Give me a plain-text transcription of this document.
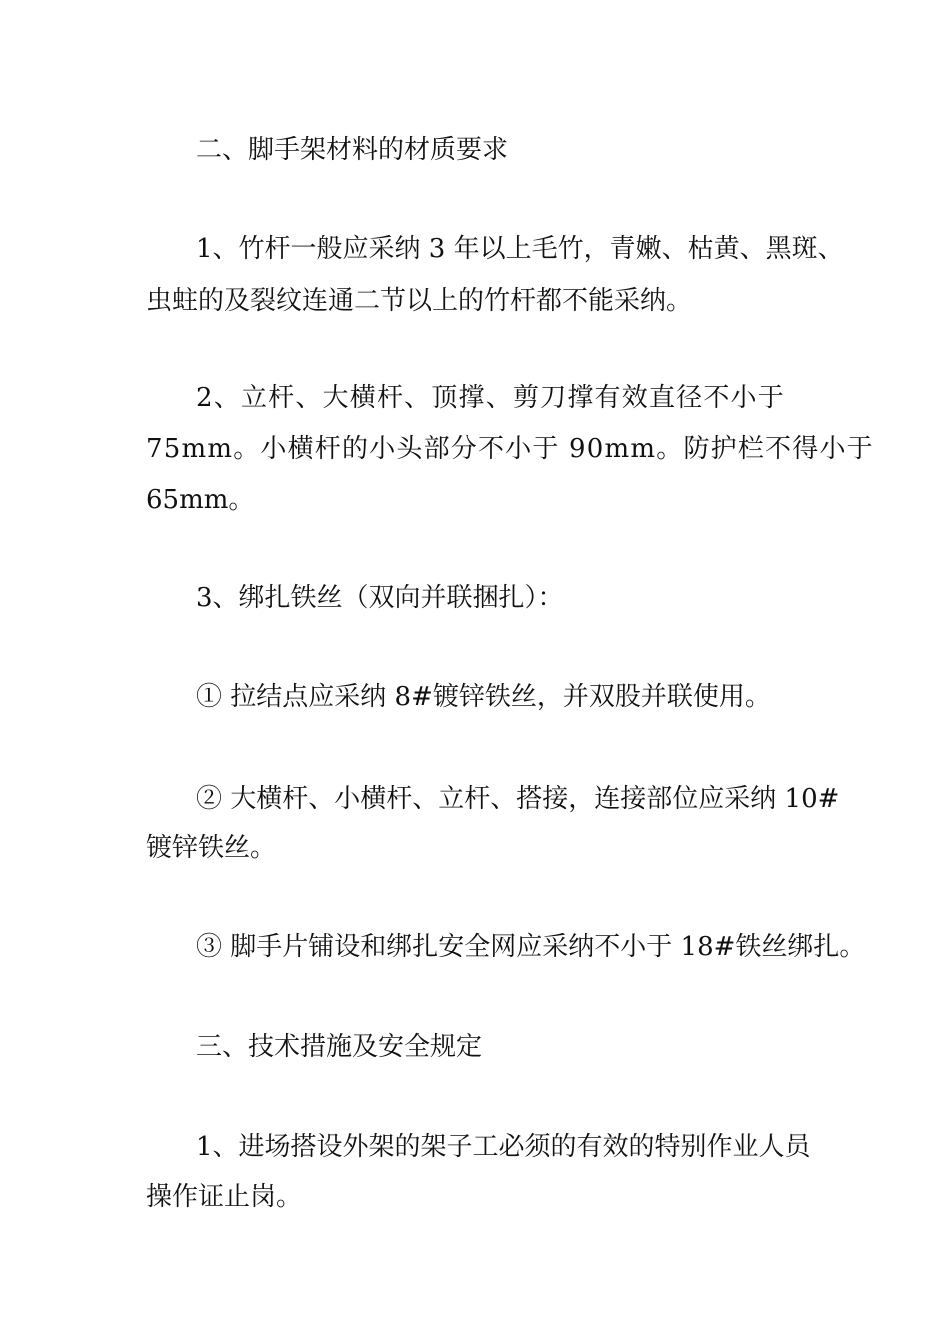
二、脚手架材料的材质要求

1、竹杆一般应采纳 3 年以上毛竹，青嫩、枯黄、黑斑、

虫蛀的及裂纹连通二节以上的竹杆都不能采纳。

2、立杆、大横杆、顶撑、剪刀撑有效直径不小于

75mm。小横杆的小头部分不小于 90mm。防护栏不得小于

65mm。

3、绑扎铁丝（双向并联捆扎）：

① 拉结点应采纳 8#镀锌铁丝，并双股并联使用。

② 大横杆、小横杆、立杆、搭接，连接部位应采纳 10#

镀锌铁丝。

③ 脚手片铺设和绑扎安全网应采纳不小于 18#铁丝绑扎。

三、技术措施及安全规定

1、进场搭设外架的架子工必须的有效的特别作业人员

操作证止岗。
